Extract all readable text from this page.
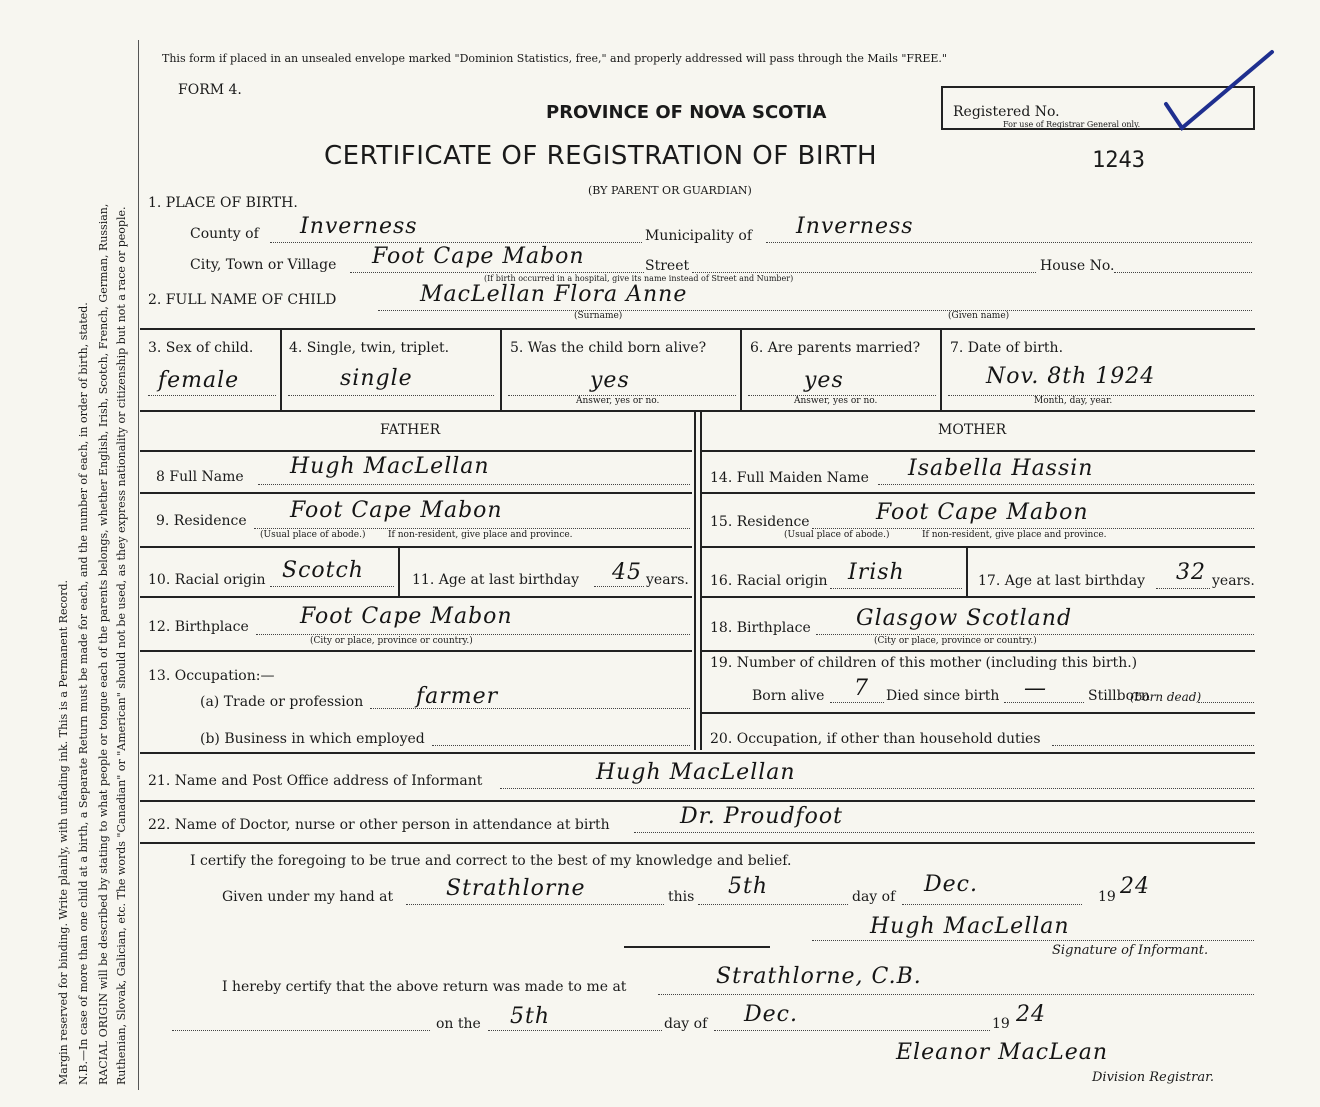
Margin reserved for binding. Write plainly, with unfading ink. This is a Permanent Record. N.B.—In case of more than one child at a birth, a Separate Return must be made for each, and the number of each, in order of birth, stated. RACIAL ORIGIN will be described by stating to what people or tongue each of the parents belongs, whether English, Irish, Scotch, French, German, Russian, Ruthenian, Slovak, Galician, etc. The words "Canadian" or "American" should not be used, as they express nationality or citizenship but not a race or people.
This form if placed in an unsealed envelope marked "Dominion Statistics, free," and properly addressed will pass through the Mails "FREE."
FORM 4.
PROVINCE OF NOVA SCOTIA
CERTIFICATE OF REGISTRATION OF BIRTH	1243
(BY PARENT OR GUARDIAN)
Registered No.
For use of Registrar General only.
1. PLACE OF BIRTH.
County of Inverness	Municipality of Inverness
City, Town or Village Foot Cape Mabon	Street	House No.
(If birth occurred in a hospital, give its name instead of Street and Number)
2. FULL NAME OF CHILD	MacLellan Flora Anne
(Surname)	(Given name)
3. Sex of child.
female
4. Single, twin, triplet.
single
5. Was the child born alive?
yes
Answer, yes or no.
6. Are parents married?
yes
Answer, yes or no.
7. Date of birth.
Nov. 8th 1924
Month, day, year.
FATHER	MOTHER
8 Full Name Hugh MacLellan	14. Full Maiden Name Isabella Hassin
9. Residence Foot Cape Mabon
(Usual place of abode.)	If non-resident, give place and province.
15. Residence	Foot Cape Mabon
(Usual place of abode.)	If non-resident, give place and province.
10. Racial origin Scotch	11. Age at last birthday 45 years. 16. Racial origin Irish	17. Age at last birthday 32 years.
12. Birthplace Foot Cape Mabon
(City or place, province or country.)
18. Birthplace Glasgow Scotland
(City or place, province or country.)
13. Occupation:—
(a) Trade or profession farmer
(b) Business in which employed
19. Number of children of this mother (including this birth.)
Born alive 7 Died since birth —	Stillborn
(born dead)
20. Occupation, if other than household duties
21. Name and Post Office address of Informant	Hugh MacLellan
22. Name of Doctor, nurse or other person in attendance at birth	Dr. Proudfoot
I certify the foregoing to be true and correct to the best of my knowledge and belief.
Given under my hand at Strathlorne	this 5th	day of Dec.	19 24
Hugh MacLellan
Signature of Informant.
I hereby certify that the above return was made to me at	Strathlorne, C.B.
on the 5th	day of Dec.	19 24
Eleanor MacLean
Division Registrar.
